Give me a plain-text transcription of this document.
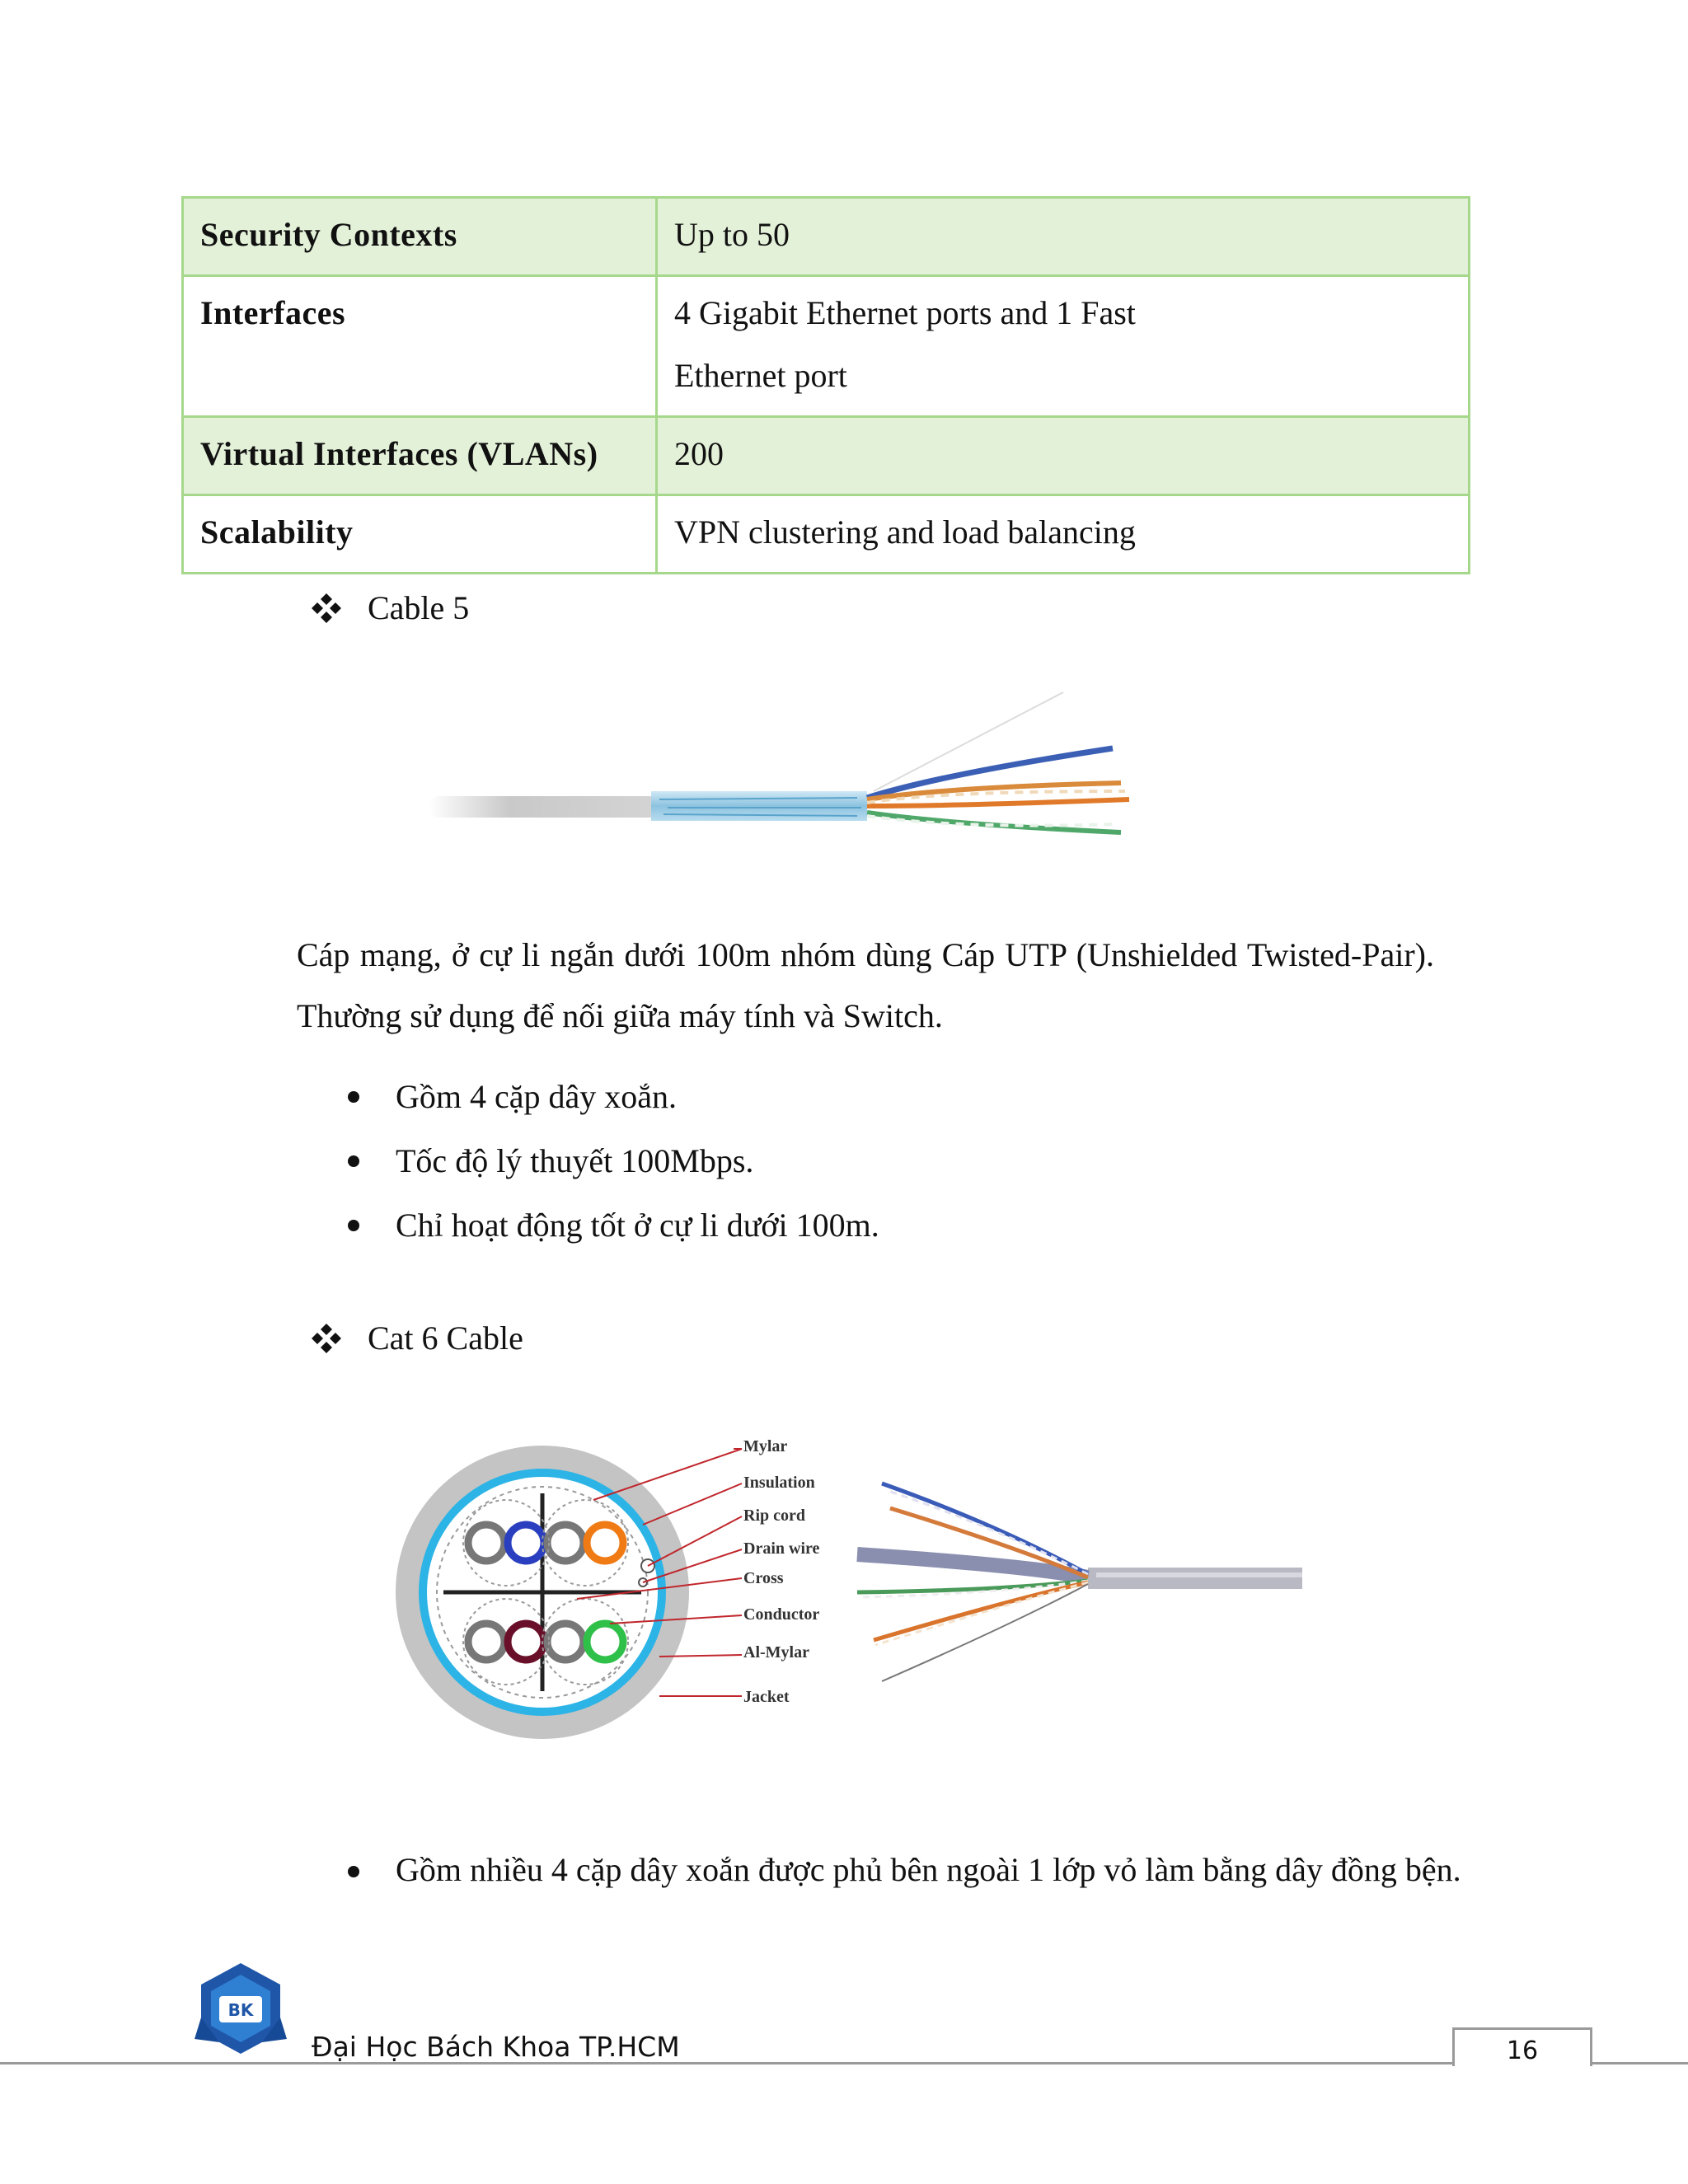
Security Contexts	Up to 50
Interfaces	4 Gigabit Ethernet ports and 1 Fast
Ethernet port

Virtual Interfaces (VLANs)	200
Scalability	VPN clustering and load balancing
Cable 5
Cáp mạng, ở cự li ngắn dưới 100m nhóm dùng Cáp UTP (Unshielded Twisted-Pair). Thường sử dụng để nối giữa máy tính và Switch.
Gồm 4 cặp dây xoắn.
Tốc độ lý thuyết 100Mbps.
Chỉ hoạt động tốt ở cự li dưới 100m.
Cat 6 Cable
Mylar
Insulation
Rip cord
Drain wire
Cross
Conductor
Al-Mylar
Jacket
Gồm nhiều 4 cặp dây xoắn được phủ bên ngoài 1 lớp vỏ làm bằng dây đồng bện.
BK
Đại Học Bách Khoa TP.HCM	16
